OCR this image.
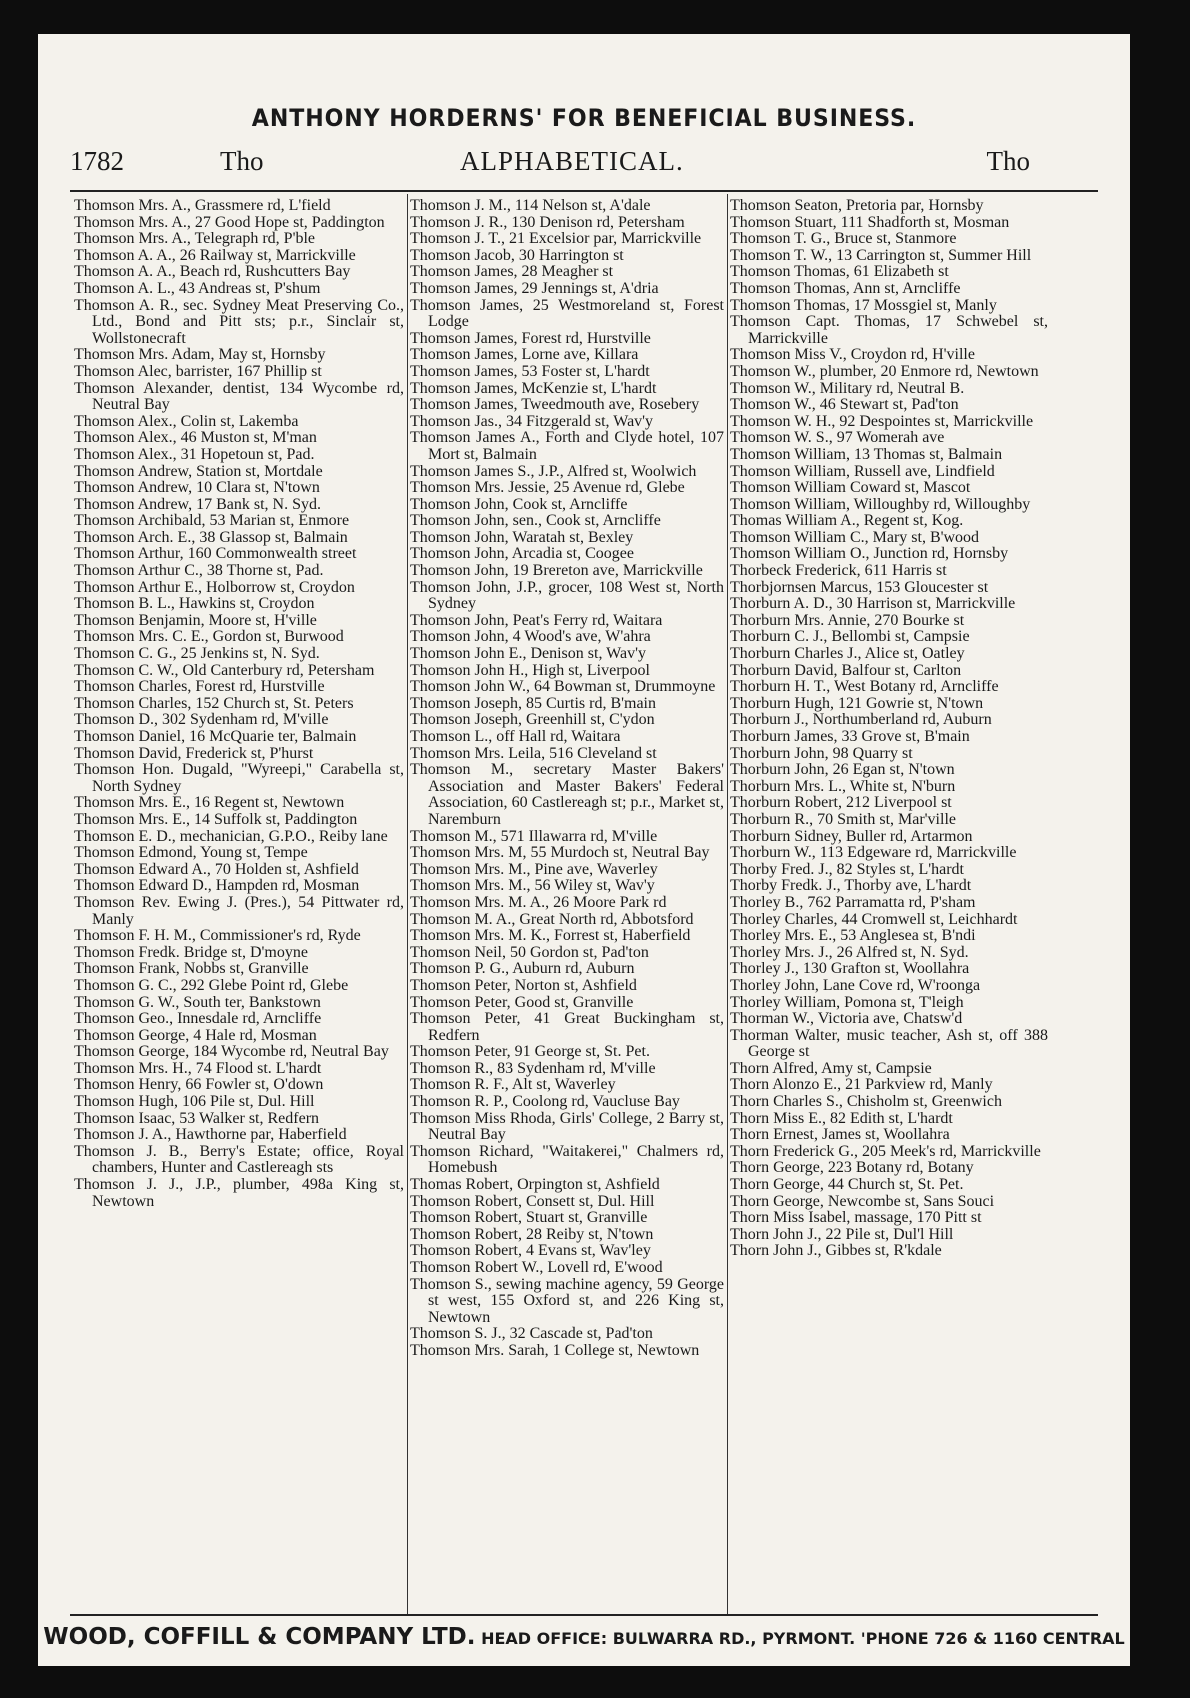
ANTHONY HORDERNS' FOR BENEFICIAL BUSINESS.
1782	Tho	ALPHABETICAL.	Tho

Thomson Mrs. A., Grassmere rd, L'field

Thomson Mrs. A., 27 Good Hope st, Paddington

Thomson Mrs. A., Telegraph rd, P'ble

Thomson A. A., 26 Railway st, Marrickville

Thomson A. A., Beach rd, Rushcutters Bay

Thomson A. L., 43 Andreas st, P'shum

Thomson A. R., sec. Sydney Meat Preserving Co., Ltd., Bond and Pitt sts; p.r., Sinclair st, Wollstonecraft

Thomson Mrs. Adam, May st, Hornsby

Thomson Alec, barrister, 167 Phillip st

Thomson Alexander, dentist, 134 Wycombe rd, Neutral Bay

Thomson Alex., Colin st, Lakemba

Thomson Alex., 46 Muston st, M'man

Thomson Alex., 31 Hopetoun st, Pad.

Thomson Andrew, Station st, Mortdale

Thomson Andrew, 10 Clara st, N'town

Thomson Andrew, 17 Bank st, N. Syd.

Thomson Archibald, 53 Marian st, Enmore

Thomson Arch. E., 38 Glassop st, Balmain

Thomson Arthur, 160 Commonwealth street

Thomson Arthur C., 38 Thorne st, Pad.

Thomson Arthur E., Holborrow st, Croydon

Thomson B. L., Hawkins st, Croydon

Thomson Benjamin, Moore st, H'ville

Thomson Mrs. C. E., Gordon st, Burwood

Thomson C. G., 25 Jenkins st, N. Syd.

Thomson C. W., Old Canterbury rd, Petersham

Thomson Charles, Forest rd, Hurstville

Thomson Charles, 152 Church st, St. Peters

Thomson D., 302 Sydenham rd, M'ville

Thomson Daniel, 16 McQuarie ter, Balmain

Thomson David, Frederick st, P'hurst

Thomson Hon. Dugald, "Wyreepi," Carabella st, North Sydney

Thomson Mrs. E., 16 Regent st, Newtown

Thomson Mrs. E., 14 Suffolk st, Paddington

Thomson E. D., mechanician, G.P.O., Reiby lane

Thomson Edmond, Young st, Tempe

Thomson Edward A., 70 Holden st, Ashfield

Thomson Edward D., Hampden rd, Mosman

Thomson Rev. Ewing J. (Pres.), 54 Pittwater rd, Manly

Thomson F. H. M., Commissioner's rd, Ryde

Thomson Fredk. Bridge st, D'moyne

Thomson Frank, Nobbs st, Granville

Thomson G. C., 292 Glebe Point rd, Glebe

Thomson G. W., South ter, Bankstown

Thomson Geo., Innesdale rd, Arncliffe

Thomson George, 4 Hale rd, Mosman

Thomson George, 184 Wycombe rd, Neutral Bay

Thomson Mrs. H., 74 Flood st. L'hardt

Thomson Henry, 66 Fowler st, O'down

Thomson Hugh, 106 Pile st, Dul. Hill

Thomson Isaac, 53 Walker st, Redfern

Thomson J. A., Hawthorne par, Haberfield

Thomson J. B., Berry's Estate; office, Royal chambers, Hunter and Castlereagh sts

Thomson J. J., J.P., plumber, 498a King st, Newtown

Thomson J. M., 114 Nelson st, A'dale

Thomson J. R., 130 Denison rd, Petersham

Thomson J. T., 21 Excelsior par, Marrickville

Thomson Jacob, 30 Harrington st

Thomson James, 28 Meagher st

Thomson James, 29 Jennings st, A'dria

Thomson James, 25 Westmoreland st, Forest Lodge

Thomson James, Forest rd, Hurstville

Thomson James, Lorne ave, Killara

Thomson James, 53 Foster st, L'hardt

Thomson James, McKenzie st, L'hardt

Thomson James, Tweedmouth ave, Rosebery

Thomson Jas., 34 Fitzgerald st, Wav'y

Thomson James A., Forth and Clyde hotel, 107 Mort st, Balmain

Thomson James S., J.P., Alfred st, Woolwich

Thomson Mrs. Jessie, 25 Avenue rd, Glebe

Thomson John, Cook st, Arncliffe

Thomson John, sen., Cook st, Arncliffe

Thomson John, Waratah st, Bexley

Thomson John, Arcadia st, Coogee

Thomson John, 19 Brereton ave, Marrickville

Thomson John, J.P., grocer, 108 West st, North Sydney

Thomson John, Peat's Ferry rd, Waitara

Thomson John, 4 Wood's ave, W'ahra

Thomson John E., Denison st, Wav'y

Thomson John H., High st, Liverpool

Thomson John W., 64 Bowman st, Drummoyne

Thomson Joseph, 85 Curtis rd, B'main

Thomson Joseph, Greenhill st, C'ydon

Thomson L., off Hall rd, Waitara

Thomson Mrs. Leila, 516 Cleveland st

Thomson M., secretary Master Bakers' Association and Master Bakers' Federal Association, 60 Castlereagh st; p.r., Market st, Naremburn

Thomson M., 571 Illawarra rd, M'ville

Thomson Mrs. M, 55 Murdoch st, Neutral Bay

Thomson Mrs. M., Pine ave, Waverley

Thomson Mrs. M., 56 Wiley st, Wav'y

Thomson Mrs. M. A., 26 Moore Park rd

Thomson M. A., Great North rd, Abbotsford

Thomson Mrs. M. K., Forrest st, Haberfield

Thomson Neil, 50 Gordon st, Pad'ton

Thomson P. G., Auburn rd, Auburn

Thomson Peter, Norton st, Ashfield

Thomson Peter, Good st, Granville

Thomson Peter, 41 Great Buckingham st, Redfern

Thomson Peter, 91 George st, St. Pet.

Thomson R., 83 Sydenham rd, M'ville

Thomson R. F., Alt st, Waverley

Thomson R. P., Coolong rd, Vaucluse Bay

Thomson Miss Rhoda, Girls' College, 2 Barry st, Neutral Bay

Thomson Richard, "Waitakerei," Chalmers rd, Homebush

Thomas Robert, Orpington st, Ashfield

Thomson Robert, Consett st, Dul. Hill

Thomson Robert, Stuart st, Granville

Thomson Robert, 28 Reiby st, N'town

Thomson Robert, 4 Evans st, Wav'ley

Thomson Robert W., Lovell rd, E'wood

Thomson S., sewing machine agency, 59 George st west, 155 Oxford st, and 226 King st, Newtown

Thomson S. J., 32 Cascade st, Pad'ton

Thomson Mrs. Sarah, 1 College st, Newtown

Thomson Seaton, Pretoria par, Hornsby

Thomson Stuart, 111 Shadforth st, Mosman

Thomson T. G., Bruce st, Stanmore

Thomson T. W., 13 Carrington st, Summer Hill

Thomson Thomas, 61 Elizabeth st

Thomson Thomas, Ann st, Arncliffe

Thomson Thomas, 17 Mossgiel st, Manly

Thomson Capt. Thomas, 17 Schwebel st, Marrickville

Thomson Miss V., Croydon rd, H'ville

Thomson W., plumber, 20 Enmore rd, Newtown

Thomson W., Military rd, Neutral B.

Thomson W., 46 Stewart st, Pad'ton

Thomson W. H., 92 Despointes st, Marrickville

Thomson W. S., 97 Womerah ave

Thomson William, 13 Thomas st, Balmain

Thomson William, Russell ave, Lindfield

Thomson William Coward st, Mascot

Thomson William, Willoughby rd, Willoughby

Thomas William A., Regent st, Kog.

Thomson William C., Mary st, B'wood

Thomson William O., Junction rd, Hornsby

Thorbeck Frederick, 611 Harris st

Thorbjornsen Marcus, 153 Gloucester st

Thorburn A. D., 30 Harrison st, Marrickville

Thorburn Mrs. Annie, 270 Bourke st

Thorburn C. J., Bellombi st, Campsie

Thorburn Charles J., Alice st, Oatley

Thorburn David, Balfour st, Carlton

Thorburn H. T., West Botany rd, Arncliffe

Thorburn Hugh, 121 Gowrie st, N'town

Thorburn J., Northumberland rd, Auburn

Thorburn James, 33 Grove st, B'main

Thorburn John, 98 Quarry st

Thorburn John, 26 Egan st, N'town

Thorburn Mrs. L., White st, N'burn

Thorburn Robert, 212 Liverpool st

Thorburn R., 70 Smith st, Mar'ville

Thorburn Sidney, Buller rd, Artarmon

Thorburn W., 113 Edgeware rd, Marrickville

Thorby Fred. J., 82 Styles st, L'hardt

Thorby Fredk. J., Thorby ave, L'hardt

Thorley B., 762 Parramatta rd, P'sham

Thorley Charles, 44 Cromwell st, Leichhardt

Thorley Mrs. E., 53 Anglesea st, B'ndi

Thorley Mrs. J., 26 Alfred st, N. Syd.

Thorley J., 130 Grafton st, Woollahra

Thorley John, Lane Cove rd, W'roonga

Thorley William, Pomona st, T'leigh

Thorman W., Victoria ave, Chatsw'd

Thorman Walter, music teacher, Ash st, off 388 George st

Thorn Alfred, Amy st, Campsie

Thorn Alonzo E., 21 Parkview rd, Manly

Thorn Charles S., Chisholm st, Greenwich

Thorn Miss E., 82 Edith st, L'hardt

Thorn Ernest, James st, Woollahra

Thorn Frederick G., 205 Meek's rd, Marrickville

Thorn George, 223 Botany rd, Botany

Thorn George, 44 Church st, St. Pet.

Thorn George, Newcombe st, Sans Souci

Thorn Miss Isabel, massage, 170 Pitt st

Thorn John J., 22 Pile st, Dul'l Hill

Thorn John J., Gibbes st, R'kdale

WOOD, COFFILL & COMPANY LTD. HEAD OFFICE: BULWARRA RD., PYRMONT. 'PHONE 726 & 1160 CENTRAL
